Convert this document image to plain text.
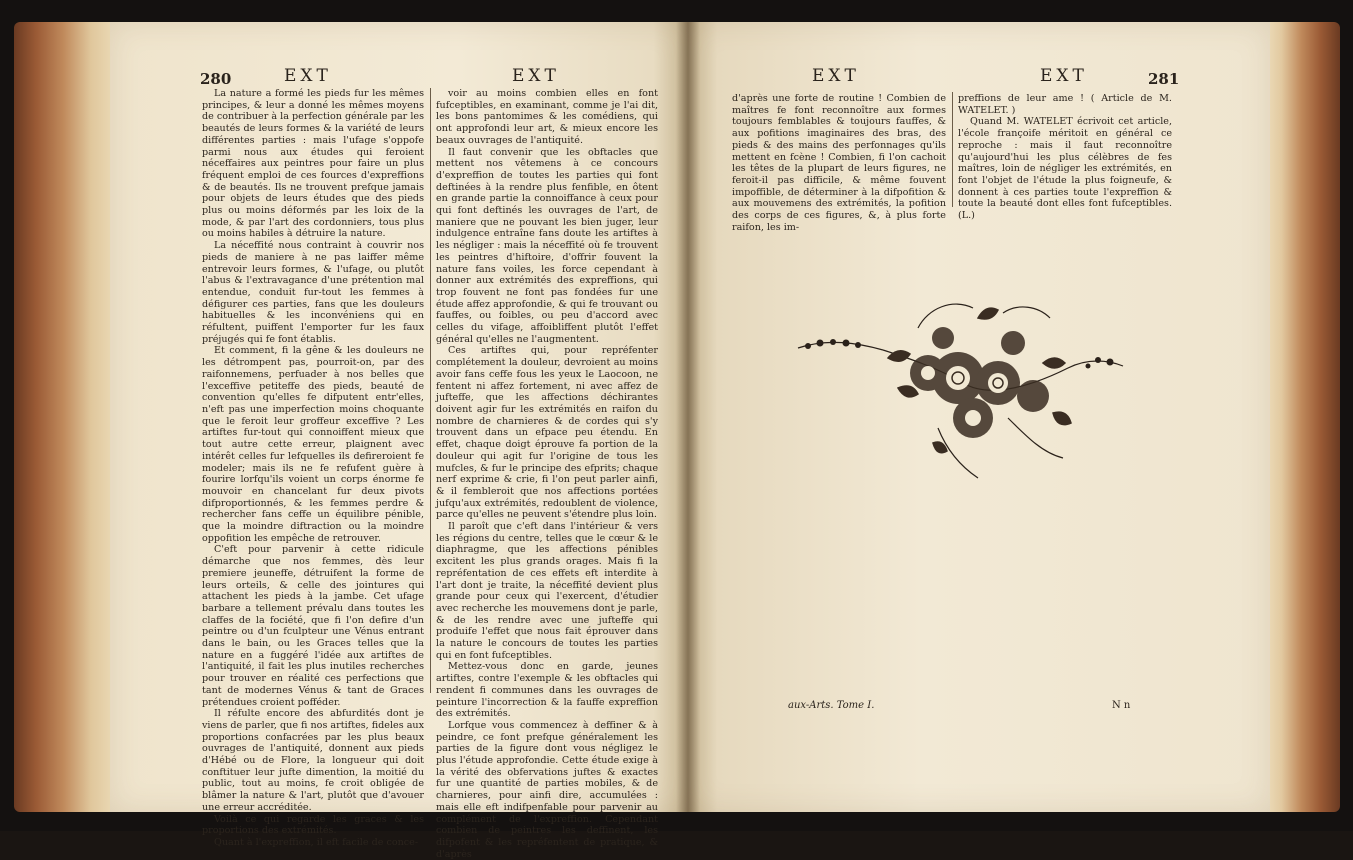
280	EXT	EXT

La nature a formé les pieds fur les mêmes principes, & leur a donné les mêmes moyens de contribuer à la perfection générale par les beautés de leurs formes & la variété de leurs différentes parties : mais l'ufage s'oppofe parmi nous aux études qui feroient néceffaires aux peintres pour faire un plus fréquent emploi de ces fources d'expreffions & de beautés. Ils ne trouvent prefque jamais pour objets de leurs études que des pieds plus ou moins déformés par les loix de la mode, & par l'art des cordonniers, tous plus ou moins habiles à détruire la nature.

La néceffité nous contraint à couvrir nos pieds de maniere à ne pas laiffer même entrevoir leurs formes, & l'ufage, ou plutôt l'abus & l'extravagance d'une prétention mal entendue, conduit fur-tout les femmes à défigurer ces parties, fans que les douleurs habituelles & les inconvéniens qui en réfultent, puiffent l'emporter fur les faux préjugés qui fe font établis.

Et comment, fi la gêne & les douleurs ne les détrompent pas, pourroit-on, par des raifonnemens, perfuader à nos belles que l'exceffive petiteffe des pieds, beauté de convention qu'elles fe difputent entr'elles, n'eft pas une imperfection moins choquante que le feroit leur groffeur exceffive ? Les artiftes fur-tout qui connoiffent mieux que tout autre cette erreur, plaignent avec intérêt celles fur lefquelles ils defireroient fe modeler; mais ils ne fe refufent guère à fourire lorfqu'ils voient un corps énorme fe mouvoir en chancelant fur deux pivots difproportionnés, & les femmes perdre & rechercher fans ceffe un équilibre pénible, que la moindre diftraction ou la moindre oppofition les empêche de retrouver.

C'eft pour parvenir à cette ridicule démarche que nos femmes, dès leur premiere jeuneffe, détruifent la forme de leurs orteils, & celle des jointures qui attachent les pieds à la jambe. Cet ufage barbare a tellement prévalu dans toutes les claffes de la fociété, que fi l'on defire d'un peintre ou d'un fculpteur une Vénus entrant dans le bain, ou les Graces telles que la nature en a fuggéré l'idée aux artiftes de l'antiquité, il fait les plus inutiles recherches pour trouver en réalité ces perfections que tant de modernes Vénus & tant de Graces prétendues croient pofféder.

Il réfulte encore des abfurdités dont je viens de parler, que fi nos artiftes, fideles aux proportions confacrées par les plus beaux ouvrages de l'antiquité, donnent aux pieds d'Hébé ou de Flore, la longueur qui doit conftituer leur jufte dimention, la moitié du public, tout au moins, fe croit obligée de blâmer la nature & l'art, plutôt que d'avouer une erreur accréditée.

Voilà ce qui regarde les graces & les proportions des extrémités.

Quant à l'expreffion, il eft facile de conce-

voir au moins combien elles en font fufceptibles, en examinant, comme je l'ai dit, les bons pantomimes & les comédiens, qui ont approfondi leur art, & mieux encore les beaux ouvrages de l'antiquité.

Il faut convenir que les obftacles que mettent nos vêtemens à ce concours d'expreffion de toutes les parties qui font deftinées à la rendre plus fenfible, en ôtent en grande partie la connoiffance à ceux pour qui font deftinés les ouvrages de l'art, de maniere que ne pouvant les bien juger, leur indulgence entraîne fans doute les artiftes à les négliger : mais la néceffité où fe trouvent les peintres d'hiftoire, d'offrir fouvent la nature fans voiles, les force cependant à donner aux extrémités des expreffions, qui trop fouvent ne font pas fondées fur une étude affez approfondie, & qui fe trouvant ou fauffes, ou foibles, ou peu d'accord avec celles du vifage, affoibliffent plutôt l'effet général qu'elles ne l'augmentent.

Ces artiftes qui, pour repréfenter complétement la douleur, devroient au moins avoir fans ceffe fous les yeux le Laocoon, ne fentent ni affez fortement, ni avec affez de jufteffe, que les affections déchirantes doivent agir fur les extrémités en raifon du nombre de charnieres & de cordes qui s'y trouvent dans un efpace peu étendu. En effet, chaque doigt éprouve fa portion de la douleur qui agit fur l'origine de tous les mufcles, & fur le principe des efprits; chaque nerf exprime & crie, fi l'on peut parler ainfi, & il fembleroit que nos affections portées jufqu'aux extrémités, redoublent de violence, parce qu'elles ne peuvent s'étendre plus loin.

Il paroît que c'eft dans l'intérieur & vers les régions du centre, telles que le cœur & le diaphragme, que les affections pénibles excitent les plus grands orages. Mais fi la repréfentation de ces effets eft interdite à l'art dont je traite, la néceffité devient plus grande pour ceux qui l'exercent, d'étudier avec recherche les mouvemens dont je parle, & de les rendre avec une jufteffe qui produife l'effet que nous fait éprouver dans la nature le concours de toutes les parties qui en font fufceptibles.

Mettez-vous donc en garde, jeunes artiftes, contre l'exemple & les obftacles qui rendent fi communes dans les ouvrages de peinture l'incorrection & la fauffe expreffion des extrémités.

Lorfque vous commencez à deffiner & à peindre, ce font prefque généralement les parties de la figure dont vous négligez le plus l'étude approfondie. Cette étude exige à la vérité des obfervations juftes & exactes fur une quantité de parties mobiles, & de charnieres, pour ainfi dire, accumulées : mais elle eft indifpenfable pour parvenir au complément de l'expreffion. Cependant combien de peintres les deffinent, les difpofent & les repréfentent de pratique, & d'après

EXT	EXT	281

d'après une forte de routine ! Combien de maîtres fe font reconnoître aux formes toujours femblables & toujours fauffes, & aux pofitions imaginaires des bras, des pieds & des mains des perfonnages qu'ils mettent en fcène ! Combien, fi l'on cachoit les têtes de la plupart de leurs figures, ne feroit-il pas difficile, & même fouvent impoffible, de déterminer à la difpofition & aux mouvemens des extrémités, la pofition des corps de ces figures, &, à plus forte raifon, les im-

preffions de leur ame ! ( Article de M. WATELET. )

Quand M. WATELET écrivoit cet article, l'école françoife méritoit en général ce reproche : mais il faut reconnoître qu'aujourd'hui les plus célèbres de fes maîtres, loin de négliger les extrémités, en font l'objet de l'étude la plus foigneufe, & donnent à ces parties toute l'expreffion & toute la beauté dont elles font fufceptibles. (L.)

aux-Arts. Tome I.	N n
